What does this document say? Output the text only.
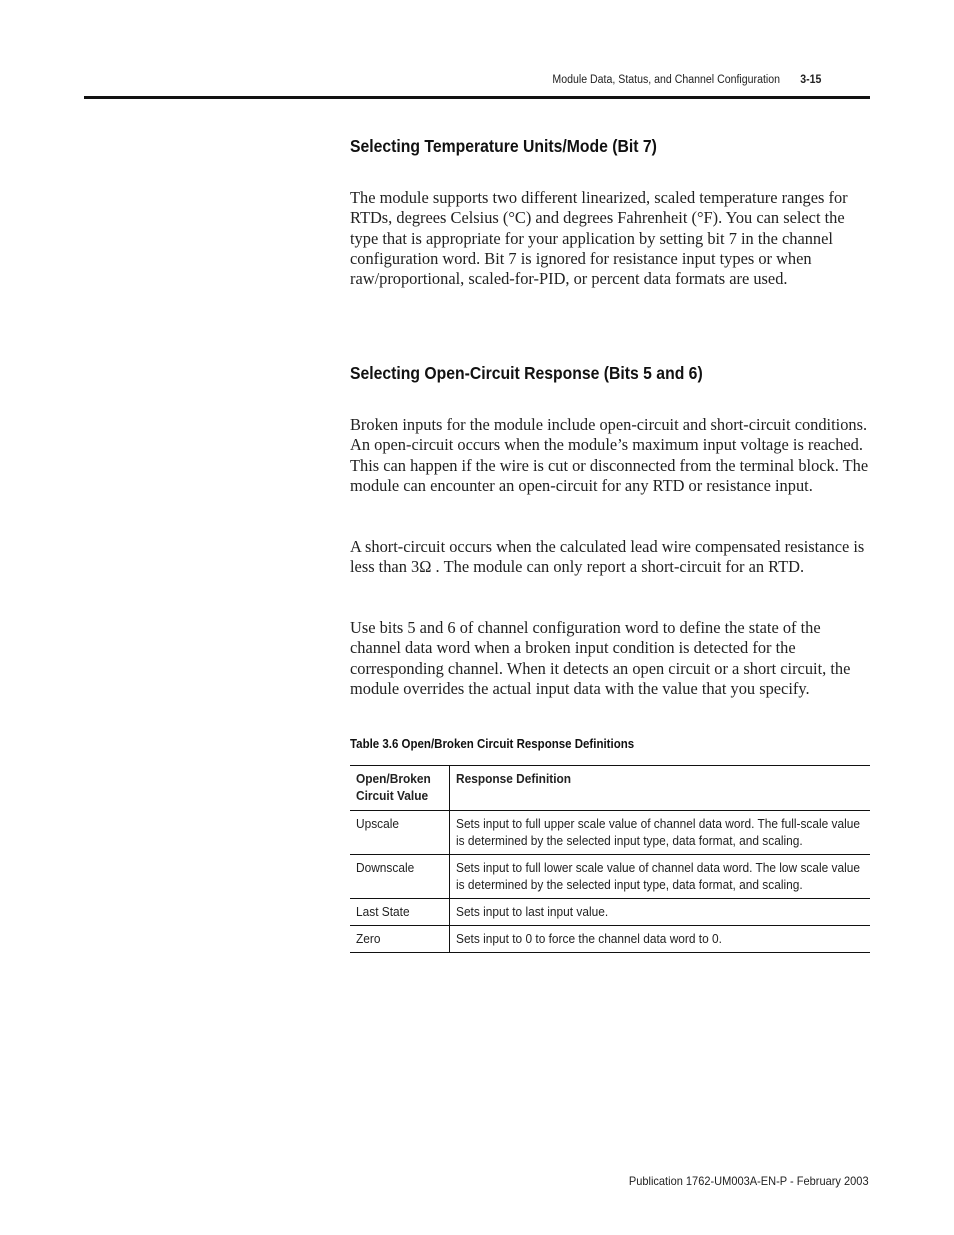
Module Data, Status, and Channel Configuration 3-15
Selecting Temperature Units/Mode (Bit 7)

The module supports two different linearized, scaled temperature ranges for RTDs, degrees Celsius (°C) and degrees Fahrenheit (°F). You can select the type that is appropriate for your application by setting bit 7 in the channel configuration word. Bit 7 is ignored for resistance input types or when raw/proportional, scaled-for-PID, or percent data formats are used.

Selecting Open-Circuit Response (Bits 5 and 6)

Broken inputs for the module include open-circuit and short-circuit conditions. An open-circuit occurs when the module’s maximum input voltage is reached. This can happen if the wire is cut or disconnected from the terminal block. The module can encounter an open-circuit for any RTD or resistance input.

A short-circuit occurs when the calculated lead wire compensated resistance is less than 3Ω . The module can only report a short-circuit for an RTD.

Use bits 5 and 6 of channel configuration word to define the state of the channel data word when a broken input condition is detected for the corresponding channel. When it detects an open circuit or a short circuit, the module overrides the actual input data with the value that you specify.

Table 3.6 Open/Broken Circuit Response Definitions
Open/Broken Circuit Value	Response Definition

Upscale	Sets input to full upper scale value of channel data word. The full-scale value is determined by the selected input type, data format, and scaling.

Downscale	Sets input to full lower scale value of channel data word. The low scale value is determined by the selected input type, data format, and scaling.

Last State	Sets input to last input value.

Zero	Sets input to 0 to force the channel data word to 0.
Publication 1762-UM003A-EN-P - February 2003
